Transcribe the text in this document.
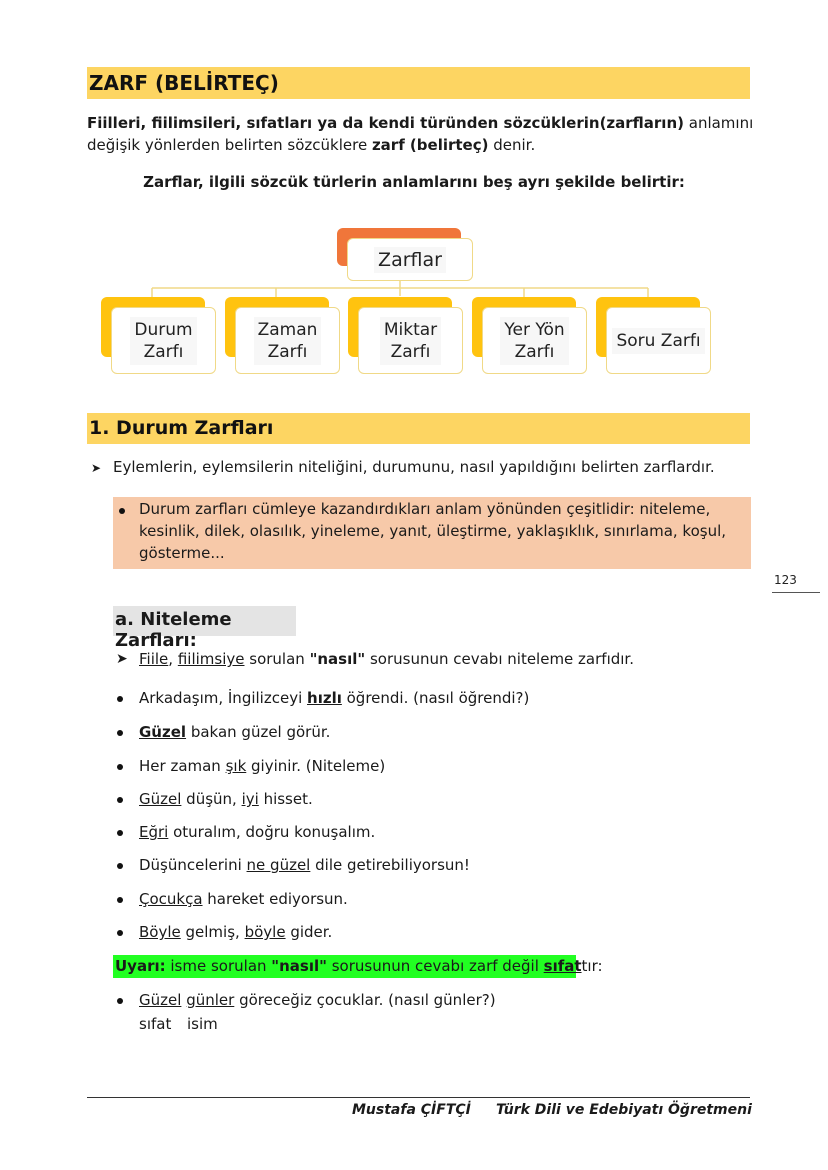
ZARF (BELİRTEÇ)
Fiilleri, fiilimsileri, sıfatları ya da kendi türünden sözcüklerin(zarfların) anlamını
değişik yönlerden belirten sözcüklere zarf (belirteç) denir.
Zarflar, ilgili sözcük türlerin anlamlarını beş ayrı şekilde belirtir:
Zarflar
Durum
Zarfı
Zaman
Zarfı
Miktar
Zarfı
Yer Yön
Zarfı
Soru Zarfı
1. Durum Zarfları
➤ Eylemlerin, eylemsilerin niteliğini, durumunu, nasıl yapıldığını belirten zarflardır.
Durum zarfları cümleye kazandırdıkları anlam yönünden çeşitlidir: niteleme,
kesinlik, dilek, olasılık, yineleme, yanıt, üleştirme, yaklaşıklık, sınırlama, koşul,
gösterme...
123
a. Niteleme Zarfları:
➤ Fiile, fiilimsiye sorulan "nasıl" sorusunun cevabı niteleme zarfıdır.
Arkadaşım, İngilizceyi hızlı öğrendi. (nasıl öğrendi?)
Güzel bakan güzel görür.
Her zaman şık giyinir. (Niteleme)
Güzel düşün, iyi hisset.
Eğri oturalım, doğru konuşalım.
Düşüncelerini ne güzel dile getirebiliyorsun!
Çocukça hareket ediyorsun.
Böyle gelmiş, böyle gider.
Uyarı: isme sorulan "nasıl" sorusunun cevabı zarf değil sıfattır:
Güzel günler göreceğiz çocuklar. (nasıl günler?)
sıfat isim
Mustafa ÇİFTÇİ Türk Dili ve Edebiyatı Öğretmeni
